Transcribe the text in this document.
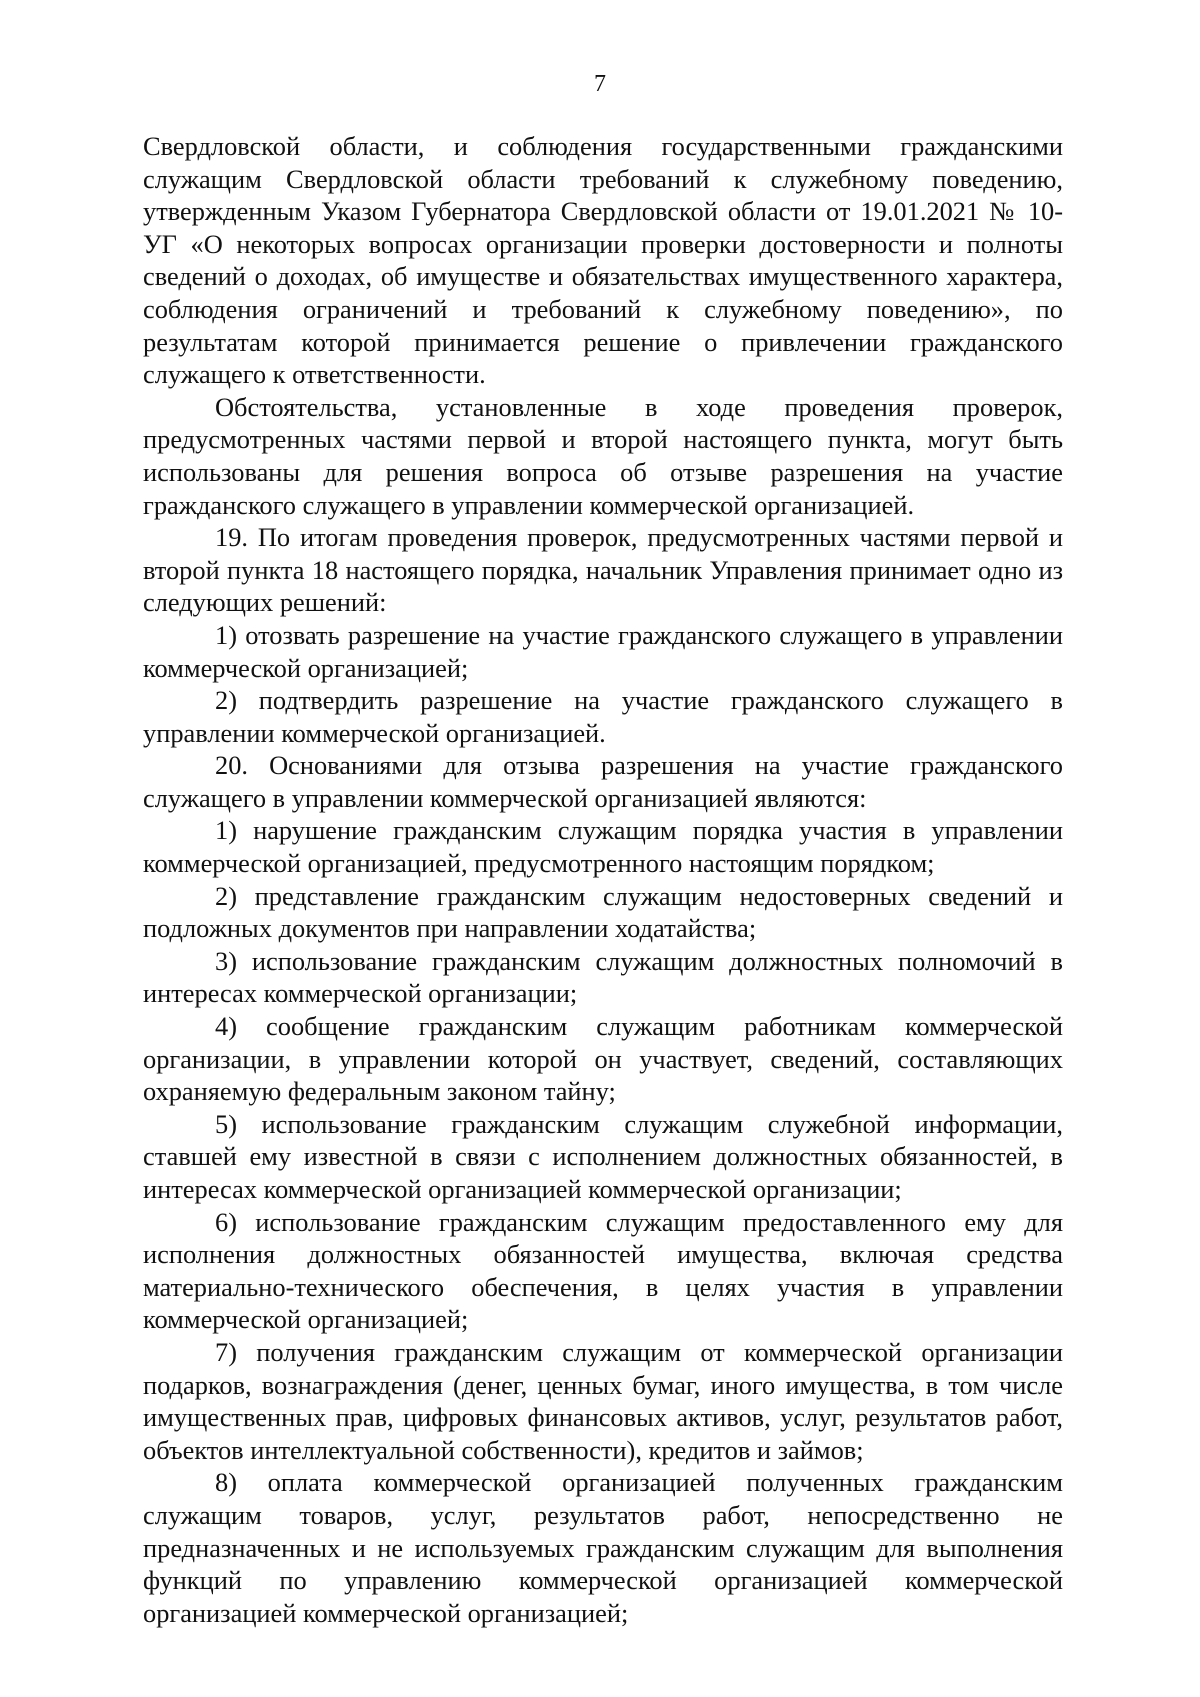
7

Свердловской области, и соблюдения государственными гражданскими служащим Свердловской области требований к служебному поведению, утвержденным Указом Губернатора Свердловской области от 19.01.2021 № 10-УГ «О некоторых вопросах организации проверки достоверности и полноты сведений о доходах, об имуществе и обязательствах имущественного характера, соблюдения ограничений и требований к служебному поведению», по результатам которой принимается решение о привлечении гражданского служащего к ответственности.

Обстоятельства, установленные в ходе проведения проверок, предусмотренных частями первой и второй настоящего пункта, могут быть использованы для решения вопроса об отзыве разрешения на участие гражданского служащего в управлении коммерческой организацией.

19. По итогам проведения проверок, предусмотренных частями первой и второй пункта 18 настоящего порядка, начальник Управления принимает одно из следующих решений:

1) отозвать разрешение на участие гражданского служащего в управлении коммерческой организацией;

2) подтвердить разрешение на участие гражданского служащего в управлении коммерческой организацией.

20. Основаниями для отзыва разрешения на участие гражданского служащего в управлении коммерческой организацией являются:

1) нарушение гражданским служащим порядка участия в управлении коммерческой организацией, предусмотренного настоящим порядком;

2) представление гражданским служащим недостоверных сведений и подложных документов при направлении ходатайства;

3) использование гражданским служащим должностных полномочий в интересах коммерческой организации;

4) сообщение гражданским служащим работникам коммерческой организации, в управлении которой он участвует, сведений, составляющих охраняемую федеральным законом тайну;

5) использование гражданским служащим служебной информации, ставшей ему известной в связи с исполнением должностных обязанностей, в интересах коммерческой организацией коммерческой организации;

6) использование гражданским служащим предоставленного ему для исполнения должностных обязанностей имущества, включая средства материально-технического обеспечения, в целях участия в управлении коммерческой организацией;

7) получения гражданским служащим от коммерческой организации подарков, вознаграждения (денег, ценных бумаг, иного имущества, в том числе имущественных прав, цифровых финансовых активов, услуг, результатов работ, объектов интеллектуальной собственности), кредитов и займов;

8) оплата коммерческой организацией полученных гражданским служащим товаров, услуг, результатов работ, непосредственно не предназначенных и не используемых гражданским служащим для выполнения функций по управлению коммерческой организацией коммерческой организацией коммерческой организацией;
